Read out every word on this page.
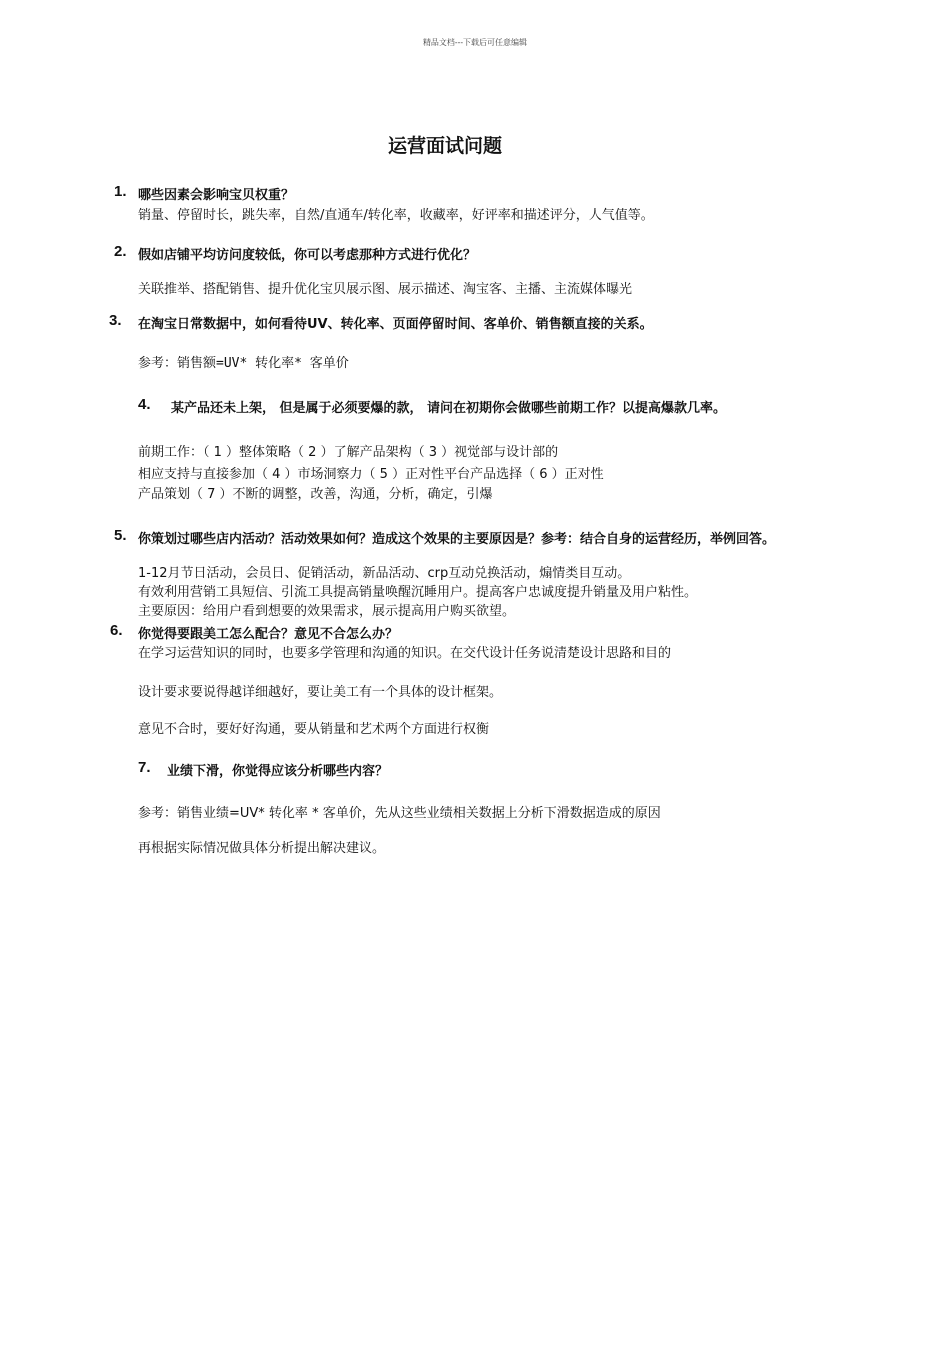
精品文档---下载后可任意编辑
运营面试问题
1. 哪些因素会影响宝贝权重？
销量、停留时长，跳失率，自然/直通车/转化率，收藏率，好评率和描述评分，人气值等。
2. 假如店铺平均访问度较低，你可以考虑那种方式进行优化？
关联推举、搭配销售、提升优化宝贝展示图、展示描述、淘宝客、主播、主流媒体曝光
3. 在淘宝日常数据中，如何看待UV、转化率、页面停留时间、客单价、销售额直接的关系。
参考：销售额=UV* 转化率* 客单价
4. 某产品还未上架， 但是属于必须要爆的款， 请问在初期你会做哪些前期工作？以提高爆款几率。
前期工作：（ 1 ）整体策略（ 2 ）了解产品架构（ 3 ）视觉部与设计部的
相应支持与直接参加（ 4 ）市场洞察力（ 5 ）正对性平台产品选择（ 6 ）正对性
产品策划（ 7 ）不断的调整，改善，沟通，分析，确定，引爆
5. 你策划过哪些店内活动？活动效果如何？造成这个效果的主要原因是？参考：结合自身的运营经历，举例回答。
1-12月节日活动，会员日、促销活动，新品活动、crp互动兑换活动，煽情类目互动。
有效利用营销工具短信、引流工具提高销量唤醒沉睡用户。提高客户忠诚度提升销量及用户粘性。
主要原因：给用户看到想要的效果需求，展示提高用户购买欲望。
6. 你觉得要跟美工怎么配合？意见不合怎么办？
在学习运营知识的同时，也要多学管理和沟通的知识。在交代设计任务说清楚设计思路和目的
设计要求要说得越详细越好，要让美工有一个具体的设计框架。
意见不合时，要好好沟通，要从销量和艺术两个方面进行权衡
7. 业绩下滑，你觉得应该分析哪些内容？
参考：销售业绩=UV* 转化率 * 客单价，先从这些业绩相关数据上分析下滑数据造成的原因
再根据实际情况做具体分析提出解决建议。
